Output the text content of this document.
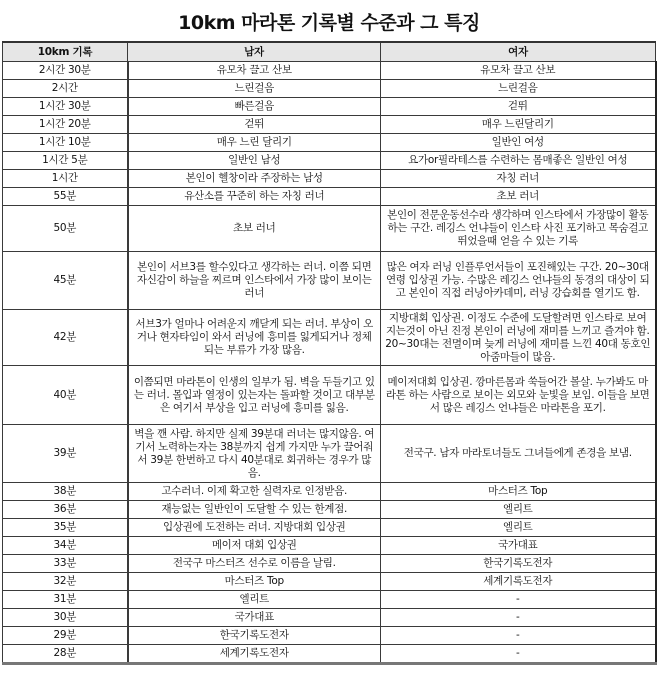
10km 마라톤 기록별 수준과 그 특징
10km 기록	남자	여자
2시간 30분	유모차 끌고 산보	유모차 끌고 산보
2시간	느린걸음	느린걸음
1시간 30분	빠른걸음	걷뛰
1시간 20분	걷뛰	매우 느린달리기
1시간 10분	매우 느린 달리기	일반인 여성
1시간 5분	일반인 남성	요가or필라테스를 수련하는 몸매좋은 일반인 여성
1시간	본인이 헬창이라 주장하는 남성	자칭 러너
55분	유산소를 꾸준히 하는 자칭 러너	초보 러너
50분	초보 러너	본인이 전문운동선수라 생각하며 인스타에서 가장많이 활동하는 구간. 레깅스 언냐들이 인스타 사진 포기하고 목숨걸고 뛰었을때 얻을 수 있는 기록
45분	본인이 서브3를 할수있다고 생각하는 러너. 이쯤 되면 자신감이 하늘을 찌르며 인스타에서 가장 많이 보이는 러너	많은 여자 러닝 인플루언서들이 포진해있는 구간. 20~30대 연령 입상권 가능. 수많은 레깅스 언냐들의 동경의 대상이 되고 본인이 직접 러닝아카데미, 러닝 강습회를 열기도 함.
42분	서브3가 얼마나 어려운지 깨닫게 되는 러너. 부상이 오거나 현자타임이 와서 러닝에 흥미를 잃게되거나 정체되는 부류가 가장 많음.	지방대회 입상권. 이정도 수준에 도달할려면 인스타로 보여지는것이 아닌 진정 본인이 러닝에 재미를 느끼고 즐겨야 함. 20~30대는 전멸이며 늦게 러닝에 재미를 느낀 40대 동호인 아줌마들이 많음.
40분	이쯤되면 마라톤이 인생의 일부가 됨. 벽을 두들기고 있는 러너. 몰입과 열정이 있는자는 돌파할 것이고 대부분은 여기서 부상을 입고 러닝에 흥미를 잃음.	메이저대회 입상권. 깡마른몸과 쑥들어간 볼살. 누가봐도 마라톤 하는 사람으로 보이는 외모와 눈빛을 보임. 이들을 보면서 많은 레깅스 언냐들은 마라톤을 포기.
39분	벽을 깬 사람. 하지만 실제 39분대 러너는 많지않음. 여기서 노력하는자는 38분까지 쉽게 가지만 누가 끌어줘서 39분 한번하고 다시 40분대로 회귀하는 경우가 많음.	전국구. 남자 마라토너들도 그녀들에게 존경을 보냄.
38분	고수러너. 이제 확고한 실력자로 인정받음.	마스터즈 Top
36분	재능없는 일반인이 도달할 수 있는 한계점.	엘리트
35분	입상권에 도전하는 러너. 지방대회 입상권	엘리트
34분	메이저 대회 입상권	국가대표
33분	전국구 마스터즈 선수로 이름을 날림.	한국기록도전자
32분	마스터즈 Top	세계기록도전자
31분	엘리트	-
30분	국가대표	-
29분	한국기록도전자	-
28분	세계기록도전자	-
